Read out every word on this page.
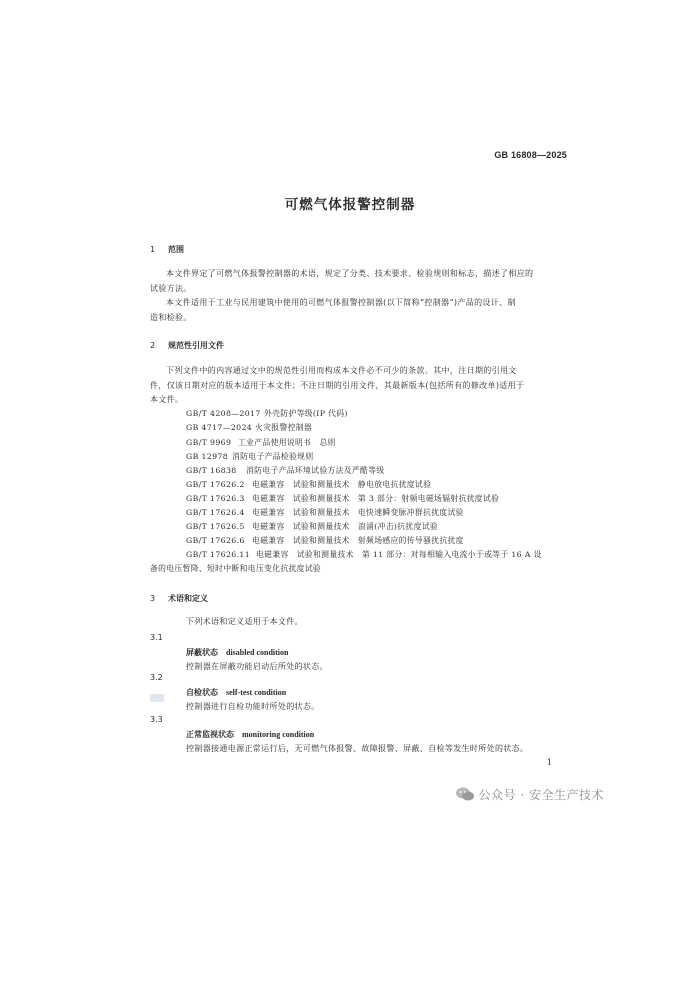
GB 16808—2025
可燃气体报警控制器
1 范围
本文件界定了可燃气体报警控制器的术语，规定了分类、技术要求、检验规则和标志，描述了相应的
试验方法。
本文件适用于工业与民用建筑中使用的可燃气体报警控制器(以下简称“控制器”)产品的设计、制
造和检验。
2 规范性引用文件
下列文件中的内容通过文中的规范性引用而构成本文件必不可少的条款。其中，注日期的引用文
件，仅该日期对应的版本适用于本文件；不注日期的引用文件，其最新版本(包括所有的修改单)适用于
本文件。
GB/T 4208—2017 外壳防护等级(IP 代码)
GB 4717—2024 火灾报警控制器
GB/T 9969 工业产品使用说明书　总则
GB 12978 消防电子产品检验规则
GB/T 16838 消防电子产品环境试验方法及严酷等级
GB/T 17626.2 电磁兼容　试验和测量技术　静电放电抗扰度试验
GB/T 17626.3 电磁兼容　试验和测量技术　第 3 部分：射频电磁场辐射抗扰度试验
GB/T 17626.4 电磁兼容　试验和测量技术　电快速瞬变脉冲群抗扰度试验
GB/T 17626.5 电磁兼容　试验和测量技术　浪涌(冲击)抗扰度试验
GB/T 17626.6 电磁兼容　试验和测量技术　射频场感应的传导骚扰抗扰度
GB/T 17626.11 电磁兼容　试验和测量技术　第 11 部分：对每相输入电流小于或等于 16 A 设
备的电压暂降、短时中断和电压变化抗扰度试验
3 术语和定义
下列术语和定义适用于本文件。
3.1
屏蔽状态 disabled condition
控制器在屏蔽功能启动后所处的状态。
3.2
自检状态 self-test condition
控制器进行自检功能时所处的状态。
3.3
正常监视状态 monitoring condition
控制器接通电源正常运行后，无可燃气体报警、故障报警、屏蔽、自检等发生时所处的状态。
1
公众号 · 安全生产技术
